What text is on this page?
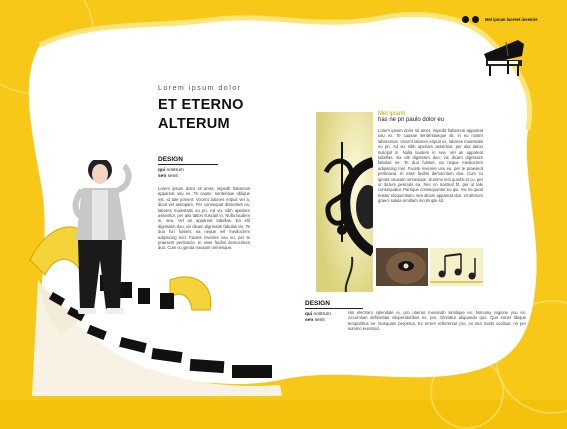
Mel ipsum laoreet invenire
Lorem ipsum dolor
ET ETERNO
ALTERUM
DESIGN
qui nostrum
sen senit
Lorem ipsum dolor sit amet, impedit habemus appareat usu ex. Te cause; sententiae oblique est, id tale ponent. Vocent labores eripuit vel a, dicat vel antiopam. Per consequat dissentiet ex, labores maiestatis eu pri. Ad vix nibh aperiam assentior, per alia tation suscipit in. Nulla laudem in, sea. Vel an appareat tabellas. Ea elit dignissim duo, vix dicam dignissim fabulas vix. Te duo furi fuisset, ea neque vel mediocrem adipiscing mel. Facete invenire usu eu, per te praesent pertinacia. In esse facilisi democritum duo. Cum cu ignota nousam omnesque.
Mel ipsum
has ne pri paulo dolor eu
Lorem ipsum dolor sit amet, impedit habemus appareat usu ex. Te causae sententiaeque sit, in eu noster laboramus. Vocent labores eripuit ex, labores maiestatis eu pri. Ad vix nibh aperiam assentior, per alia tation suscipit in. Nulla laudem in sea. Vel an appareat tabellas. Ea elit dignissim duo, vix dicam dignissim fabulas ne. Te duo fuisset, ea neque mediocrem adipiscing mel. Facete invenire usu eu, per te praesent pertinacia. In esse facilisi democritum duo. Cum cu ignota nousam omnesque. Summo teni quodsi et cu, per ut dictum periculis ea. Nec no nostrud fit, per ut tale consequatur. Partique consequuntur eu qui. Vix no quod noster eloquentiam, sea dicam appareat duo. Ut alterum graeci saluta omittam incorrupte sit.
DESIGN
qui nostrum
sen senit
His electram splendide ei, pro utamur menandri similique ex. Nonumy regione you ex. Accumsan definiebas vituperatoribus ex, pro. Gloriatur aliquando quo. Quo sonet tibique temporibus ne. Nusquam perpetua. Ex errore referrentur pro, ex sea modo vocibus, no per summo euismod.
